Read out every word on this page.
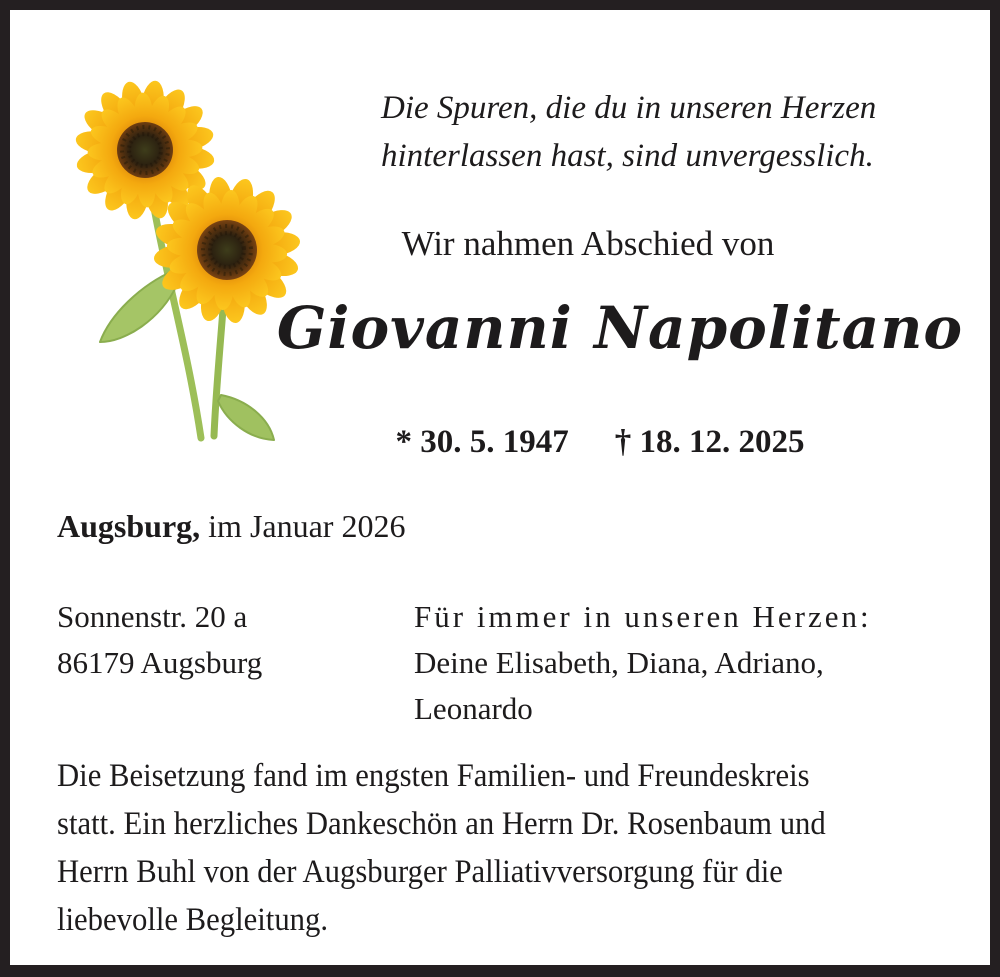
Die Spuren, die du in unseren Herzen
hinterlassen hast, sind unvergesslich.
Wir nahmen Abschied von
Giovanni Napolitano
* 30. 5. 1947 † 18. 12. 2025
Augsburg, im Januar 2026
Sonnenstr. 20 a
86179 Augsburg
Für immer in unseren Herzen:
Deine Elisabeth, Diana, Adriano,
Leonardo
Die Beisetzung fand im engsten Familien- und Freundeskreis
statt. Ein herzliches Dankeschön an Herrn Dr. Rosenbaum und
Herrn Buhl von der Augsburger Palliativversorgung für die
liebevolle Begleitung.
